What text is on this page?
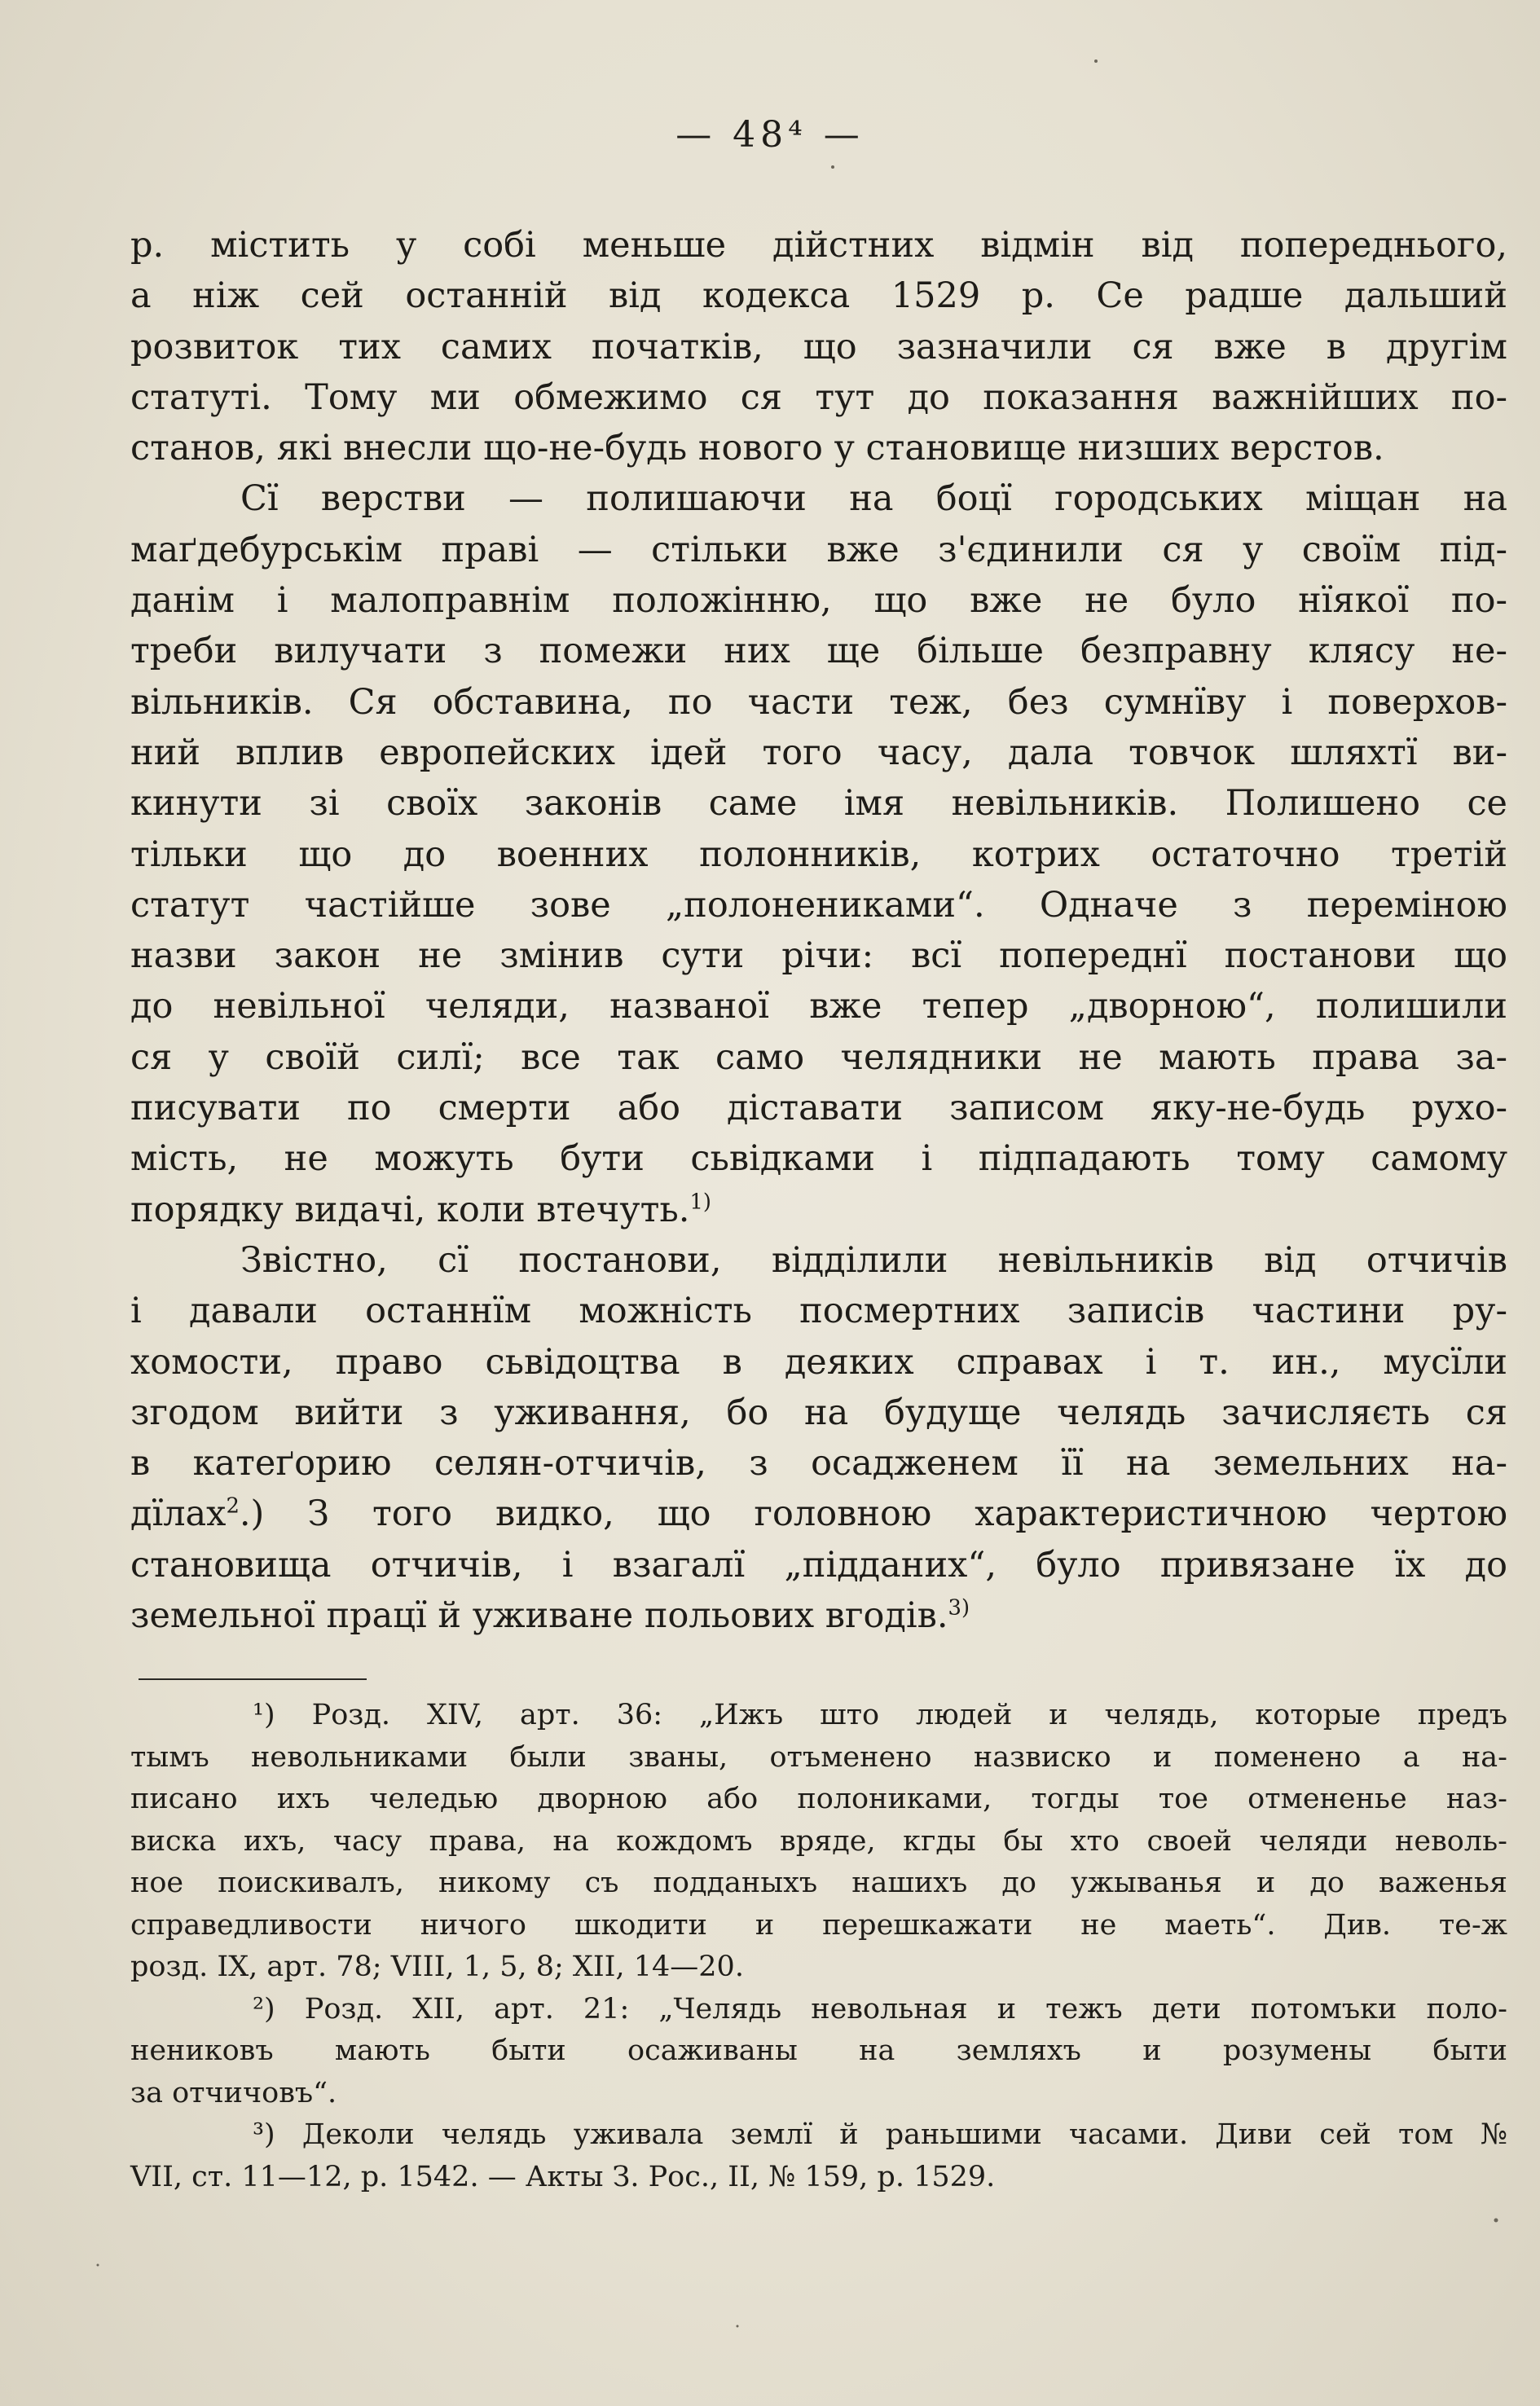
— 48⁴ —

р. містить у собі меньше дійстних відмін від попереднього,

а ніж сей останній від кодекса 1529 р. Се радше дальший

розвиток тих самих початків, що зазначили ся вже в другім

статуті. Тому ми обмежимо ся тут до показання важнійших по-

станов, які внесли що-не-будь нового у становище низших верстов.

Сї верстви — полишаючи на боцї городських міщан на

маґдебурськім праві — стільки вже з'єдинили ся у своїм під-

данім і малоправнім положінню, що вже не було нїякої по-

треби вилучати з помежи них ще більше безправну клясу не-

вільників. Ся обставина, по части теж, без сумнїву і поверхов-

ний вплив европейских ідей того часу, дала товчок шляхтї ви-

кинути зі своїх законів саме імя невільників. Полишено се

тільки що до военних полонників, котрих остаточно третій

статут частійше зове „полонениками“. Одначе з переміною

назви закон не змінив сути річи: всї попереднї постанови що

до невільної челяди, названої вже тепер „дворною“, полишили

ся у своїй силї; все так само челядники не мають права за-

писувати по смерти або діставати записом яку-не-будь рухо-

мість, не можуть бути сьвідками і підпадають тому самому

порядку видачі, коли втечуть.$^{1)}$

Звістно, сї постанови, відділили невільників від отчичів

і давали останнїм можність посмертних записів частини ру-

хомости, право сьвідоцтва в деяких справах і т. ин., мусїли

згодом вийти з уживання, бо на будуще челядь зачисляєть ся

в катеґорию селян-отчичів, з осадженем її на земельних на-

дїлах$^2$.) З того видко, що головною характеристичною чертою

становища отчичів, і взагалї „підданих“, було привязане їх до

земельної працї й уживане польових вгодів.$^{3)}$

¹) Розд. XIV, арт. 36: „Ижъ што людей и челядь, которые предъ

тымъ невольниками были званы, отъменено назвиско и поменено а на-

писано ихъ челедью дворною або полониками, тогды тое отмененье наз-

виска ихъ, часу права, на кождомъ вряде, кгды бы хто своей челяди неволь-

ное поискивалъ, никому съ подданыхъ нашихъ до ужыванья и до важенья

справедливости ничого шкодити и перешкажати не маеть“. Див. те-ж

розд. IX, арт. 78; VIII, 1, 5, 8; XII, 14—20.

²) Розд. XII, арт. 21: „Челядь невольная и тежъ дети потомъки поло-

нениковъ мають быти осаживаны на земляхъ и розумены быти

за отчичовъ“.

³) Деколи челядь уживала землї й раньшими часами. Диви сей том №

VII, ст. 11—12, р. 1542. — Акты З. Рос., II, № 159, р. 1529.
